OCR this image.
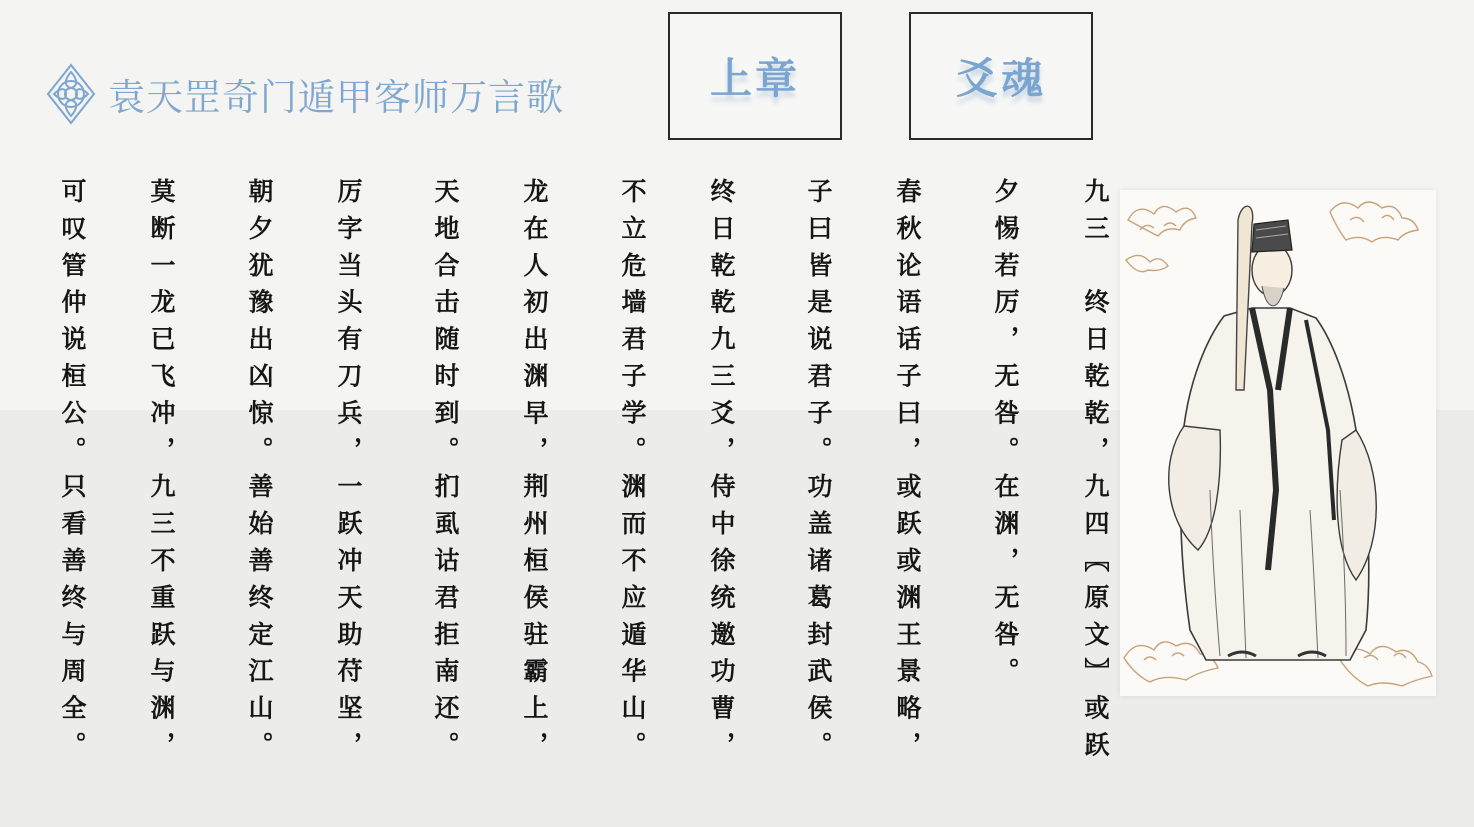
袁天罡奇门遁甲客师万言歌	上章	爻魂
九三　终日乾乾，九四〖原文〗或跃
夕惕若厉，无咎。在渊，无咎。
春秋论语话子曰，或跃或渊王景略，
子曰皆是说君子。功盖诸葛封武侯。
终日乾乾九三爻，侍中徐统邀功曹，
不立危墙君子学。渊而不应遁华山。
龙在人初出渊早，荆州桓侯驻霸上，
天地合击随时到。扪虱诂君拒南还。
厉字当头有刀兵，一跃冲天助苻坚，
朝夕犹豫出凶惊。善始善终定江山。
莫断一龙已飞冲，九三不重跃与渊，
可叹管仲说桓公。只看善终与周全。
